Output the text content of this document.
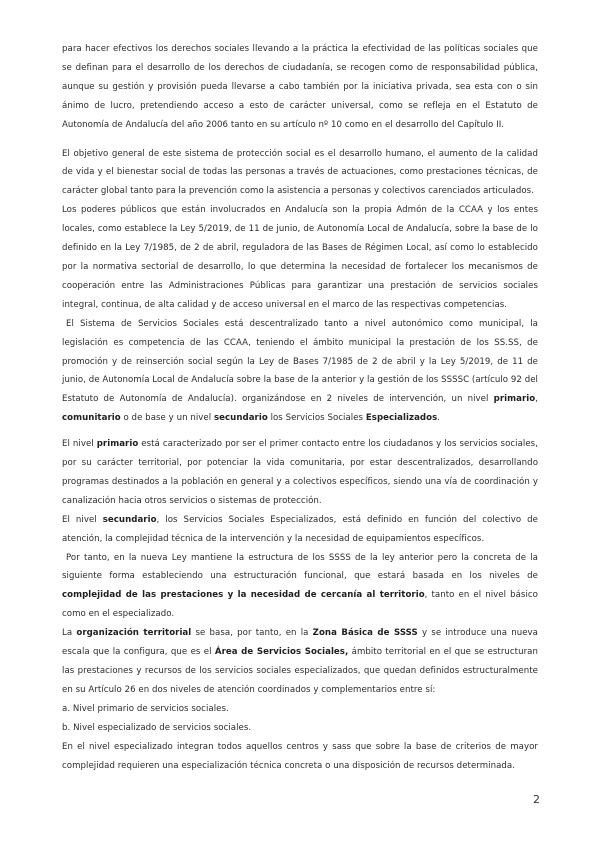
para hacer efectivos los derechos sociales llevando a la práctica la efectividad de las políticas sociales que se definan para el desarrollo de los derechos de ciudadanía, se recogen como de responsabilidad pública, aunque su gestión y provisión pueda llevarse a cabo también por la iniciativa privada, sea esta con o sin ánimo de lucro, pretendiendo acceso a esto de carácter universal, como se refleja en el Estatuto de Autonomía de Andalucía del año 2006 tanto en su artículo nº 10 como en el desarrollo del Capítulo II.

El objetivo general de este sistema de protección social es el desarrollo humano, el aumento de la calidad de vida y el bienestar social de todas las personas a través de actuaciones, como prestaciones técnicas, de carácter global tanto para la prevención como la asistencia a personas y colectivos carenciados articulados.

Los poderes públicos que están involucrados en Andalucía son la propia Admón de la CCAA y los entes locales, como establece la Ley 5/2019, de 11 de junio, de Autonomía Local de Andalucía, sobre la base de lo definido en la Ley 7/1985, de 2 de abril, reguladora de las Bases de Régimen Local, así como lo establecido por la normativa sectorial de desarrollo, lo que determina la necesidad de fortalecer los mecanismos de cooperación entre las Administraciones Públicas para garantizar una prestación de servicios sociales integral, continua, de alta calidad y de acceso universal en el marco de las respectivas competencias.

El Sistema de Servicios Sociales está descentralizado tanto a nivel autonómico como municipal, la legislación es competencia de las CCAA, teniendo el ámbito municipal la prestación de los SS.SS, de promoción y de reinserción social según la Ley de Bases 7/1985 de 2 de abril y la Ley 5/2019, de 11 de junio, de Autonomía Local de Andalucía sobre la base de la anterior y la gestión de los SSSSC (artículo 92 del Estatuto de Autonomía de Andalucía). organizándose en 2 niveles de intervención, un nivel primario, comunitario o de base y un nivel secundario los Servicios Sociales Especializados.

El nivel primario está caracterizado por ser el primer contacto entre los ciudadanos y los servicios sociales, por su carácter territorial, por potenciar la vida comunitaria, por estar descentralizados, desarrollando programas destinados a la población en general y a colectivos específicos, siendo una vía de coordinación y canalización hacia otros servicios o sistemas de protección.

El nivel secundario, los Servicios Sociales Especializados, está definido en función del colectivo de atención, la complejidad técnica de la intervención y la necesidad de equipamientos específicos.

Por tanto, en la nueva Ley mantiene la estructura de los SSSS de la ley anterior pero la concreta de la siguiente forma estableciendo una estructuración funcional, que estará basada en los niveles de complejidad de las prestaciones y la necesidad de cercanía al territorio, tanto en el nivel básico como en el especializado.

La organización territorial se basa, por tanto, en la Zona Básica de SSSS y se introduce una nueva escala que la configura, que es el Área de Servicios Sociales, ámbito territorial en el que se estructuran las prestaciones y recursos de los servicios sociales especializados, que quedan definidos estructuralmente en su Artículo 26 en dos niveles de atención coordinados y complementarios entre sí:

a. Nivel primario de servicios sociales.

b. Nivel especializado de servicios sociales.

En el nivel especializado integran todos aquellos centros y sass que sobre la base de criterios de mayor complejidad requieren una especialización técnica concreta o una disposición de recursos determinada.

2
